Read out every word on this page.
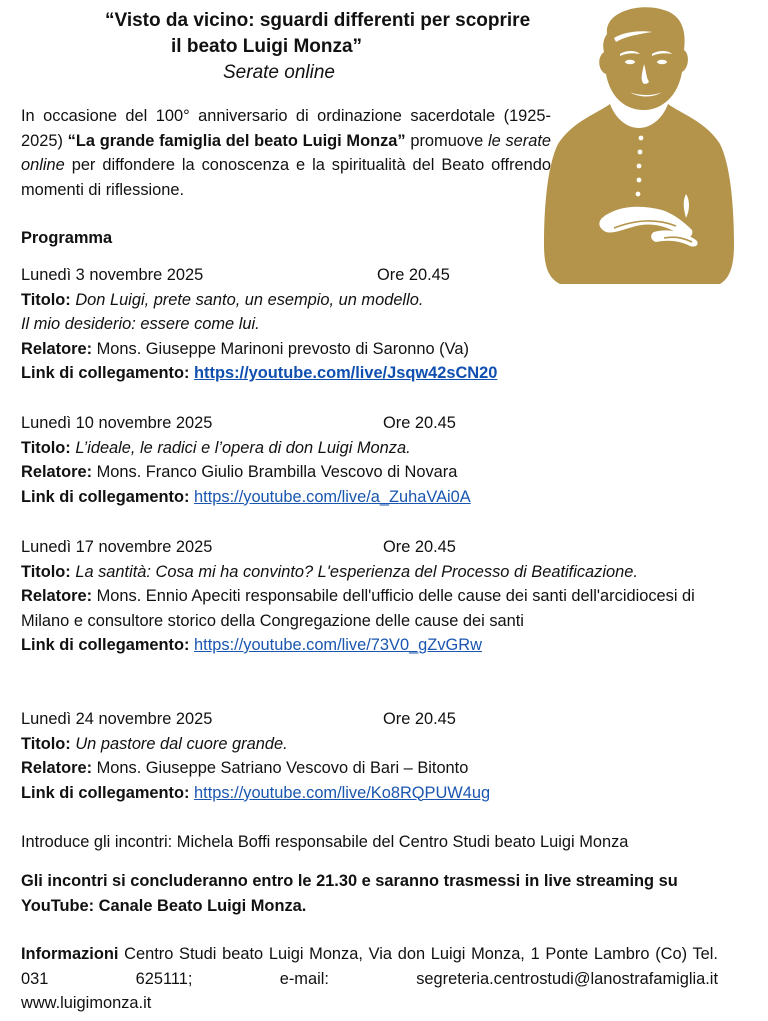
“Visto da vicino: sguardi differenti per scoprire
il beato Luigi Monza”
Serate online

In occasione del 100° anniversario di ordinazione sacerdotale (1925-2025) “La grande famiglia del beato Luigi Monza” promuove le serate online per diffondere la conoscenza e la spiritualità del Beato offrendo momenti di riflessione.

Programma
Lunedì 3 novembre 2025	Ore 20.45
Titolo: Don Luigi, prete santo, un esempio, un modello.
Il mio desiderio: essere come lui.
Relatore: Mons. Giuseppe Marinoni prevosto di Saronno (Va)
Link di collegamento: https://youtube.com/live/Jsqw42sCN20
Lunedì 10 novembre 2025	Ore 20.45
Titolo: L’ideale, le radici e l’opera di don Luigi Monza.
Relatore: Mons. Franco Giulio Brambilla Vescovo di Novara
Link di collegamento: https://youtube.com/live/a_ZuhaVAi0A
Lunedì 17 novembre 2025	Ore 20.45
Titolo: La santità: Cosa mi ha convinto? L'esperienza del Processo di Beatificazione.
Relatore: Mons. Ennio Apeciti responsabile dell'ufficio delle cause dei santi dell'arcidiocesi di Milano e consultore storico della Congregazione delle cause dei santi
Link di collegamento: https://youtube.com/live/73V0_gZvGRw
Lunedì 24 novembre 2025	Ore 20.45
Titolo: Un pastore dal cuore grande.
Relatore: Mons. Giuseppe Satriano Vescovo di Bari – Bitonto
Link di collegamento: https://youtube.com/live/Ko8RQPUW4ug
Introduce gli incontri: Michela Boffi responsabile del Centro Studi beato Luigi Monza
Gli incontri si concluderanno entro le 21.30 e saranno trasmessi in live streaming su YouTube: Canale Beato Luigi Monza.

Informazioni Centro Studi beato Luigi Monza, Via don Luigi Monza, 1 Ponte Lambro (Co) Tel. 031 625111; e-mail: segreteria.centrostudi@lanostrafamiglia.it

www.luigimonza.it
